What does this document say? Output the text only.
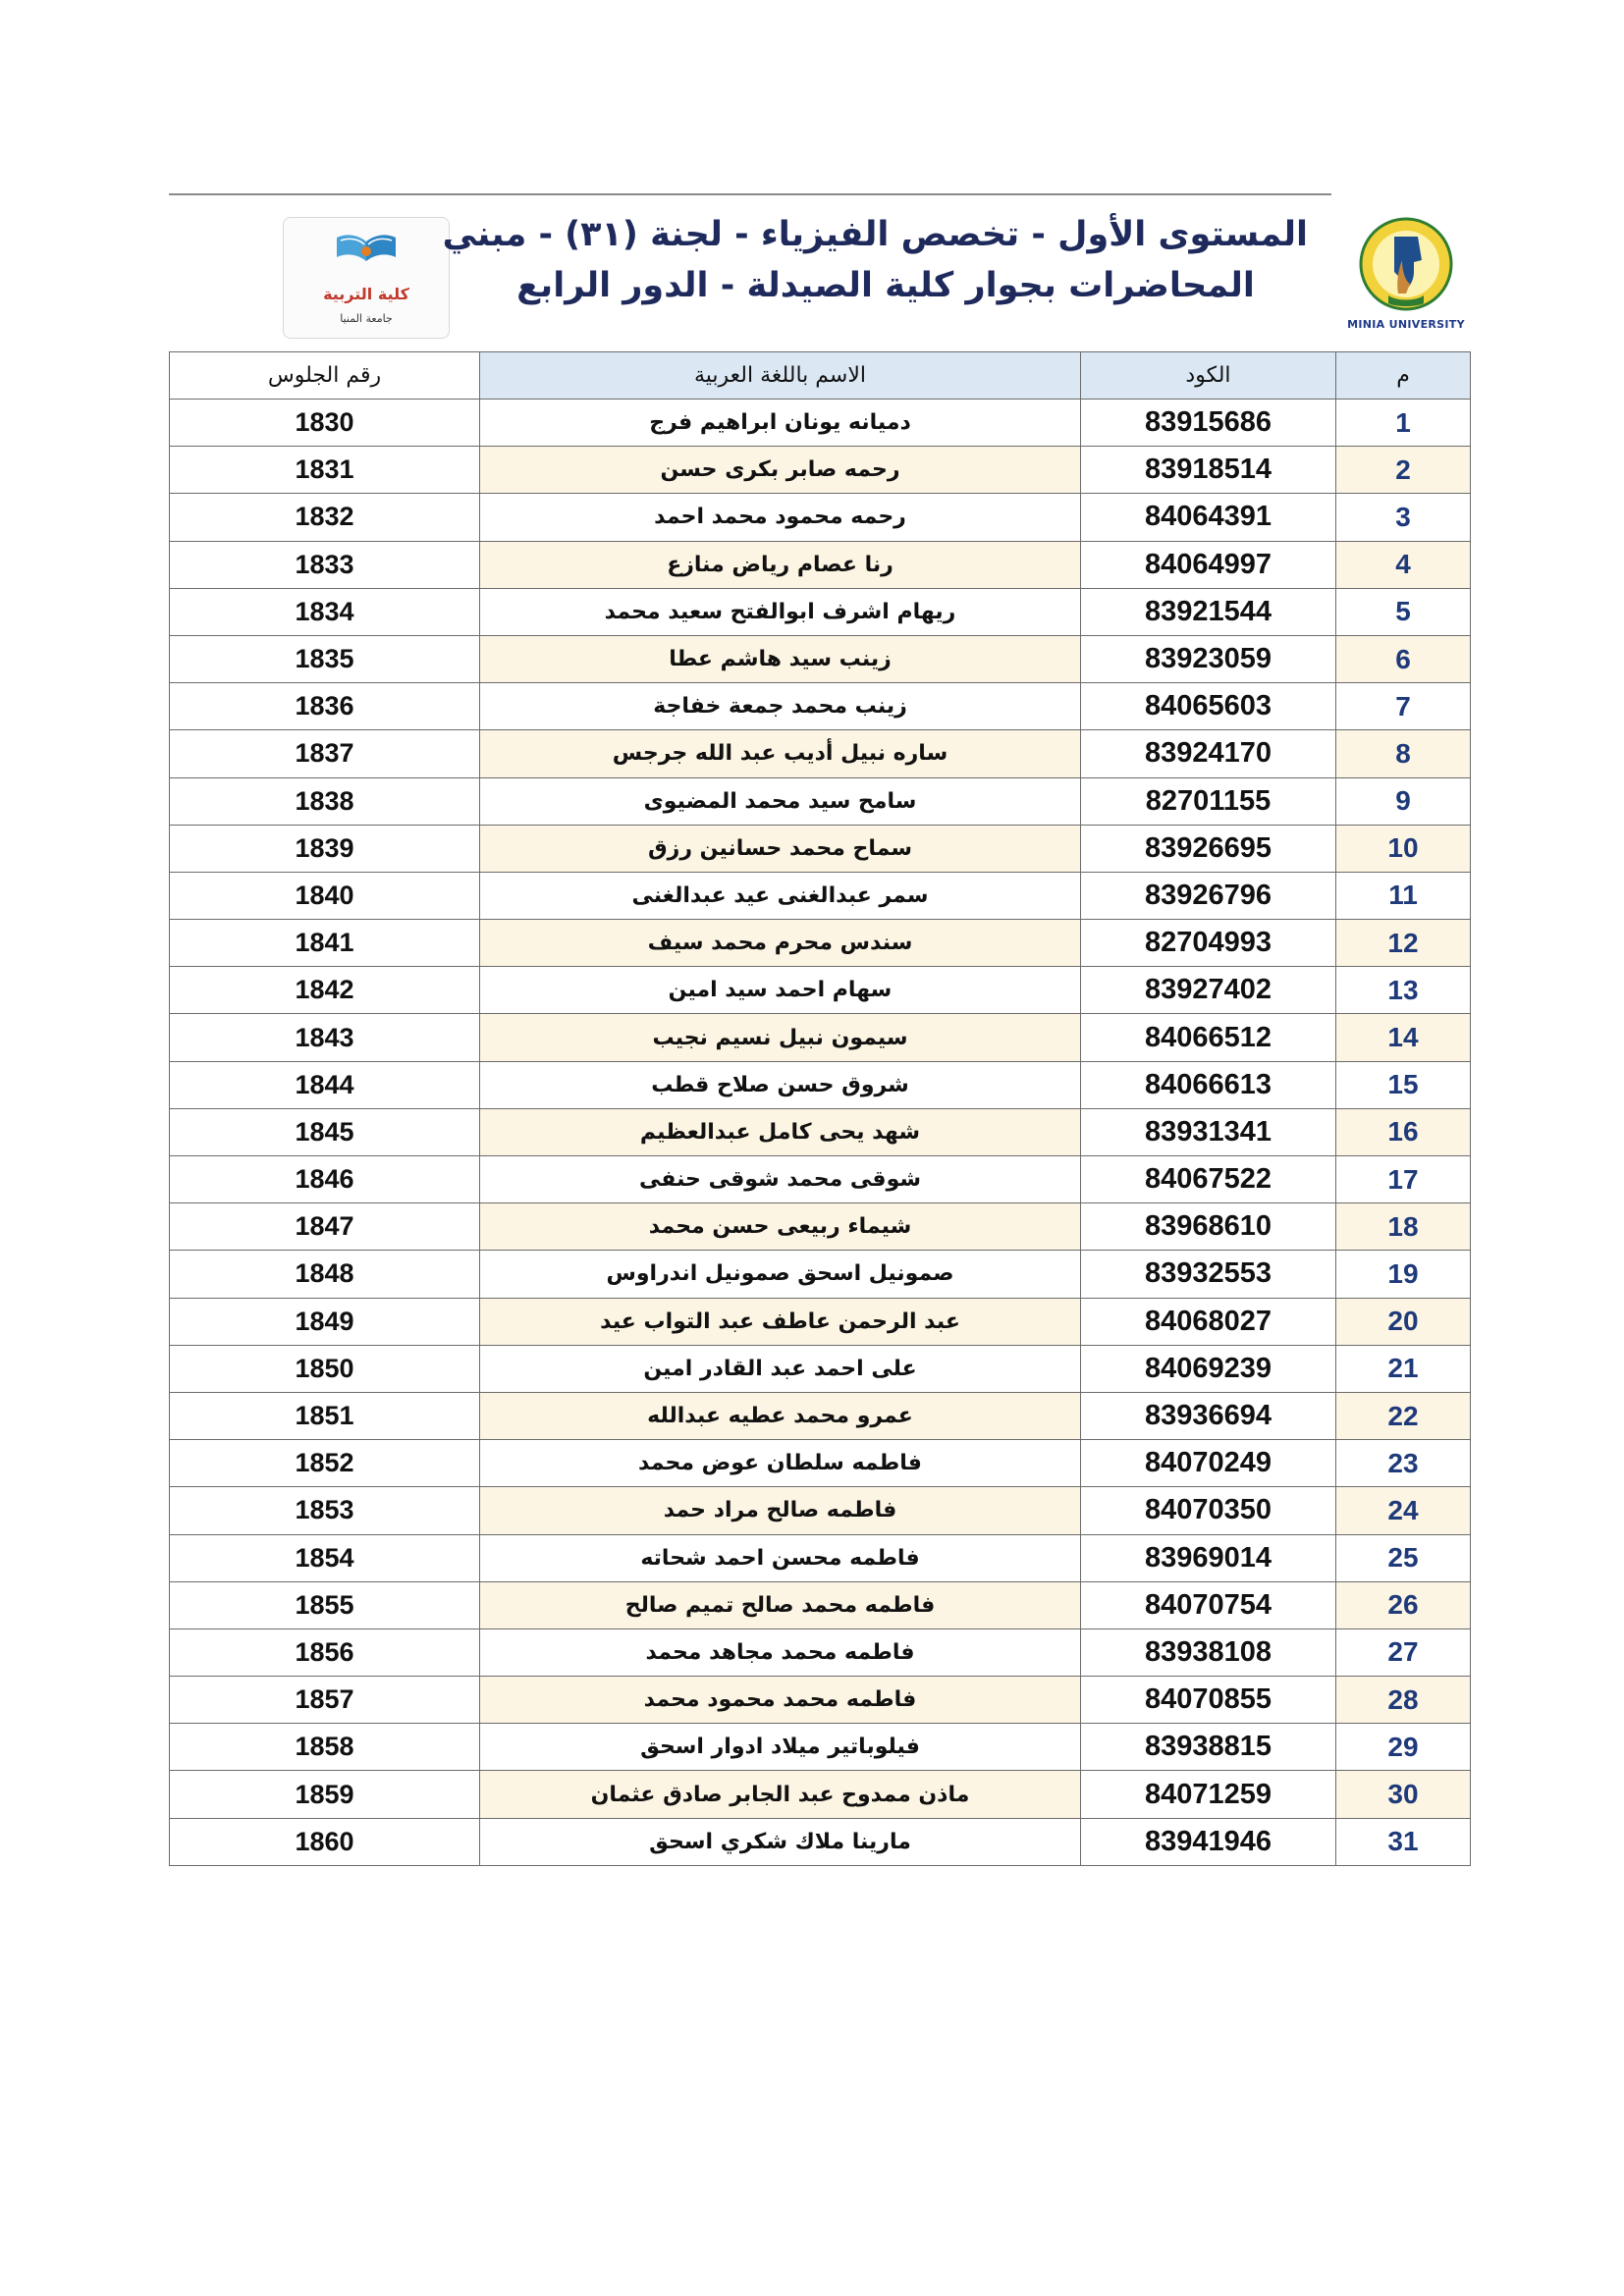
كلية التربية
جامعة المنيا
المستوى الأول - تخصص الفيزياء - لجنة (٣١) - مبني
المحاضرات بجوار كلية الصيدلة - الدور الرابع
MINIA UNIVERSITY
رقم الجلوس	الاسم باللغة العربية	الكود	م
1830	دميانه يونان ابراهيم فرج	83915686	1
1831	رحمه صابر بكرى حسن	83918514	2
1832	رحمه محمود محمد احمد	84064391	3
1833	رنا عصام رياض منازع	84064997	4
1834	ريهام اشرف ابوالفتح سعيد محمد	83921544	5
1835	زينب سيد هاشم عطا	83923059	6
1836	زينب محمد جمعة خفاجة	84065603	7
1837	ساره نبيل أديب عبد الله جرجس	83924170	8
1838	سامح سيد محمد المضيوى	82701155	9
1839	سماح محمد حسانين رزق	83926695	10
1840	سمر عبدالغنى عيد عبدالغنى	83926796	11
1841	سندس محرم محمد سيف	82704993	12
1842	سهام احمد سيد امين	83927402	13
1843	سيمون نبيل نسيم نجيب	84066512	14
1844	شروق حسن صلاح قطب	84066613	15
1845	شهد يحى كامل عبدالعظيم	83931341	16
1846	شوقى محمد شوقى حنفى	84067522	17
1847	شيماء ربيعى حسن محمد	83968610	18
1848	صمونيل اسحق صمونيل اندراوس	83932553	19
1849	عبد الرحمن عاطف عبد التواب عيد	84068027	20
1850	على احمد عبد القادر امين	84069239	21
1851	عمرو محمد عطيه عبدالله	83936694	22
1852	فاطمه سلطان عوض محمد	84070249	23
1853	فاطمه صالح مراد حمد	84070350	24
1854	فاطمه محسن احمد شحاته	83969014	25
1855	فاطمه محمد صالح تميم صالح	84070754	26
1856	فاطمه محمد مجاهد محمد	83938108	27
1857	فاطمه محمد محمود محمد	84070855	28
1858	فيلوباتير ميلاد ادوار اسحق	83938815	29
1859	ماذن ممدوح عبد الجابر صادق عثمان	84071259	30
1860	مارينا ملاك شكري اسحق	83941946	31
